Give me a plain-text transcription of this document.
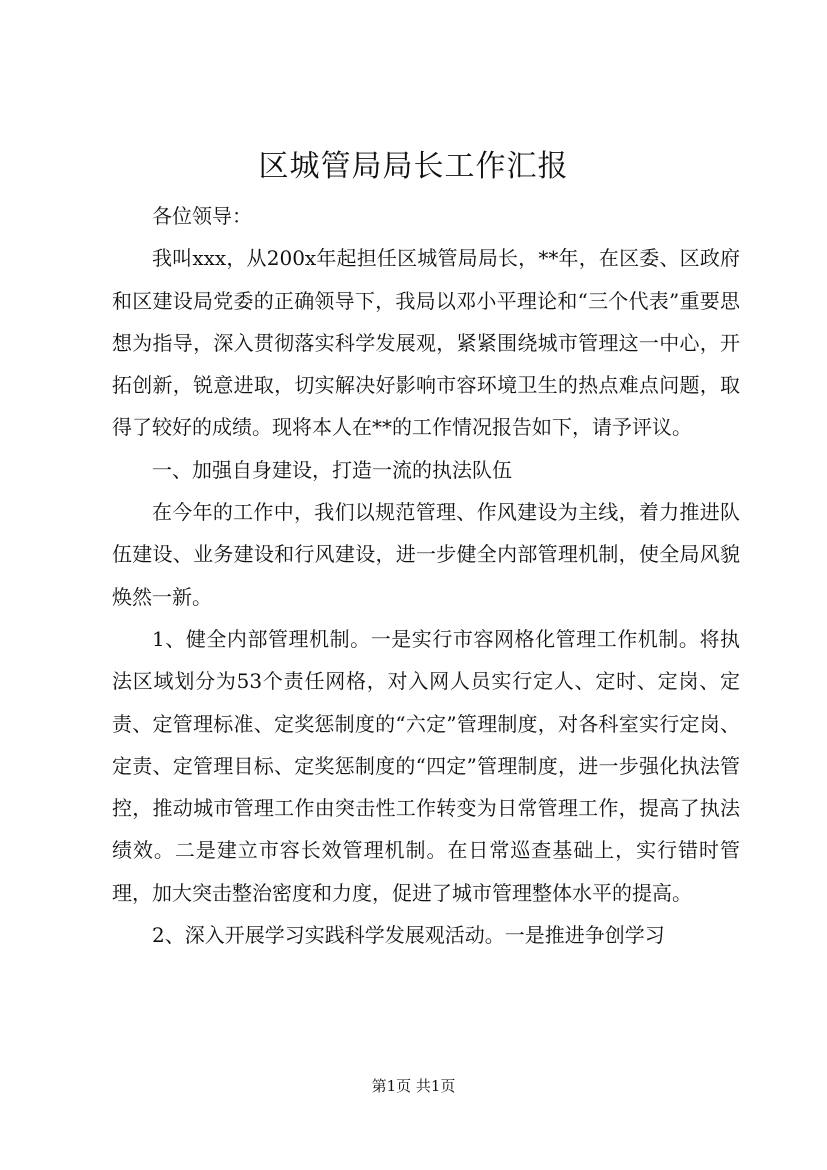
区城管局局长工作汇报

各位领导：

我叫xxx，从200x年起担任区城管局局长，**年，在区委、区政府和区建设局党委的正确领导下，我局以邓小平理论和“三个代表”重要思想为指导，深入贯彻落实科学发展观，紧紧围绕城市管理这一中心，开拓创新，锐意进取，切实解决好影响市容环境卫生的热点难点问题，取得了较好的成绩。现将本人在**的工作情况报告如下，请予评议。

一、加强自身建设，打造一流的执法队伍

在今年的工作中，我们以规范管理、作风建设为主线，着力推进队伍建设、业务建设和行风建设，进一步健全内部管理机制，使全局风貌焕然一新。

1、健全内部管理机制。一是实行市容网格化管理工作机制。将执法区域划分为53个责任网格，对入网人员实行定人、定时、定岗、定责、定管理标准、定奖惩制度的“六定”管理制度，对各科室实行定岗、定责、定管理目标、定奖惩制度的“四定”管理制度，进一步强化执法管控，推动城市管理工作由突击性工作转变为日常管理工作，提高了执法绩效。二是建立市容长效管理机制。在日常巡查基础上，实行错时管理，加大突击整治密度和力度，促进了城市管理整体水平的提高。

2、深入开展学习实践科学发展观活动。一是推进争创学习

第1页 共1页
